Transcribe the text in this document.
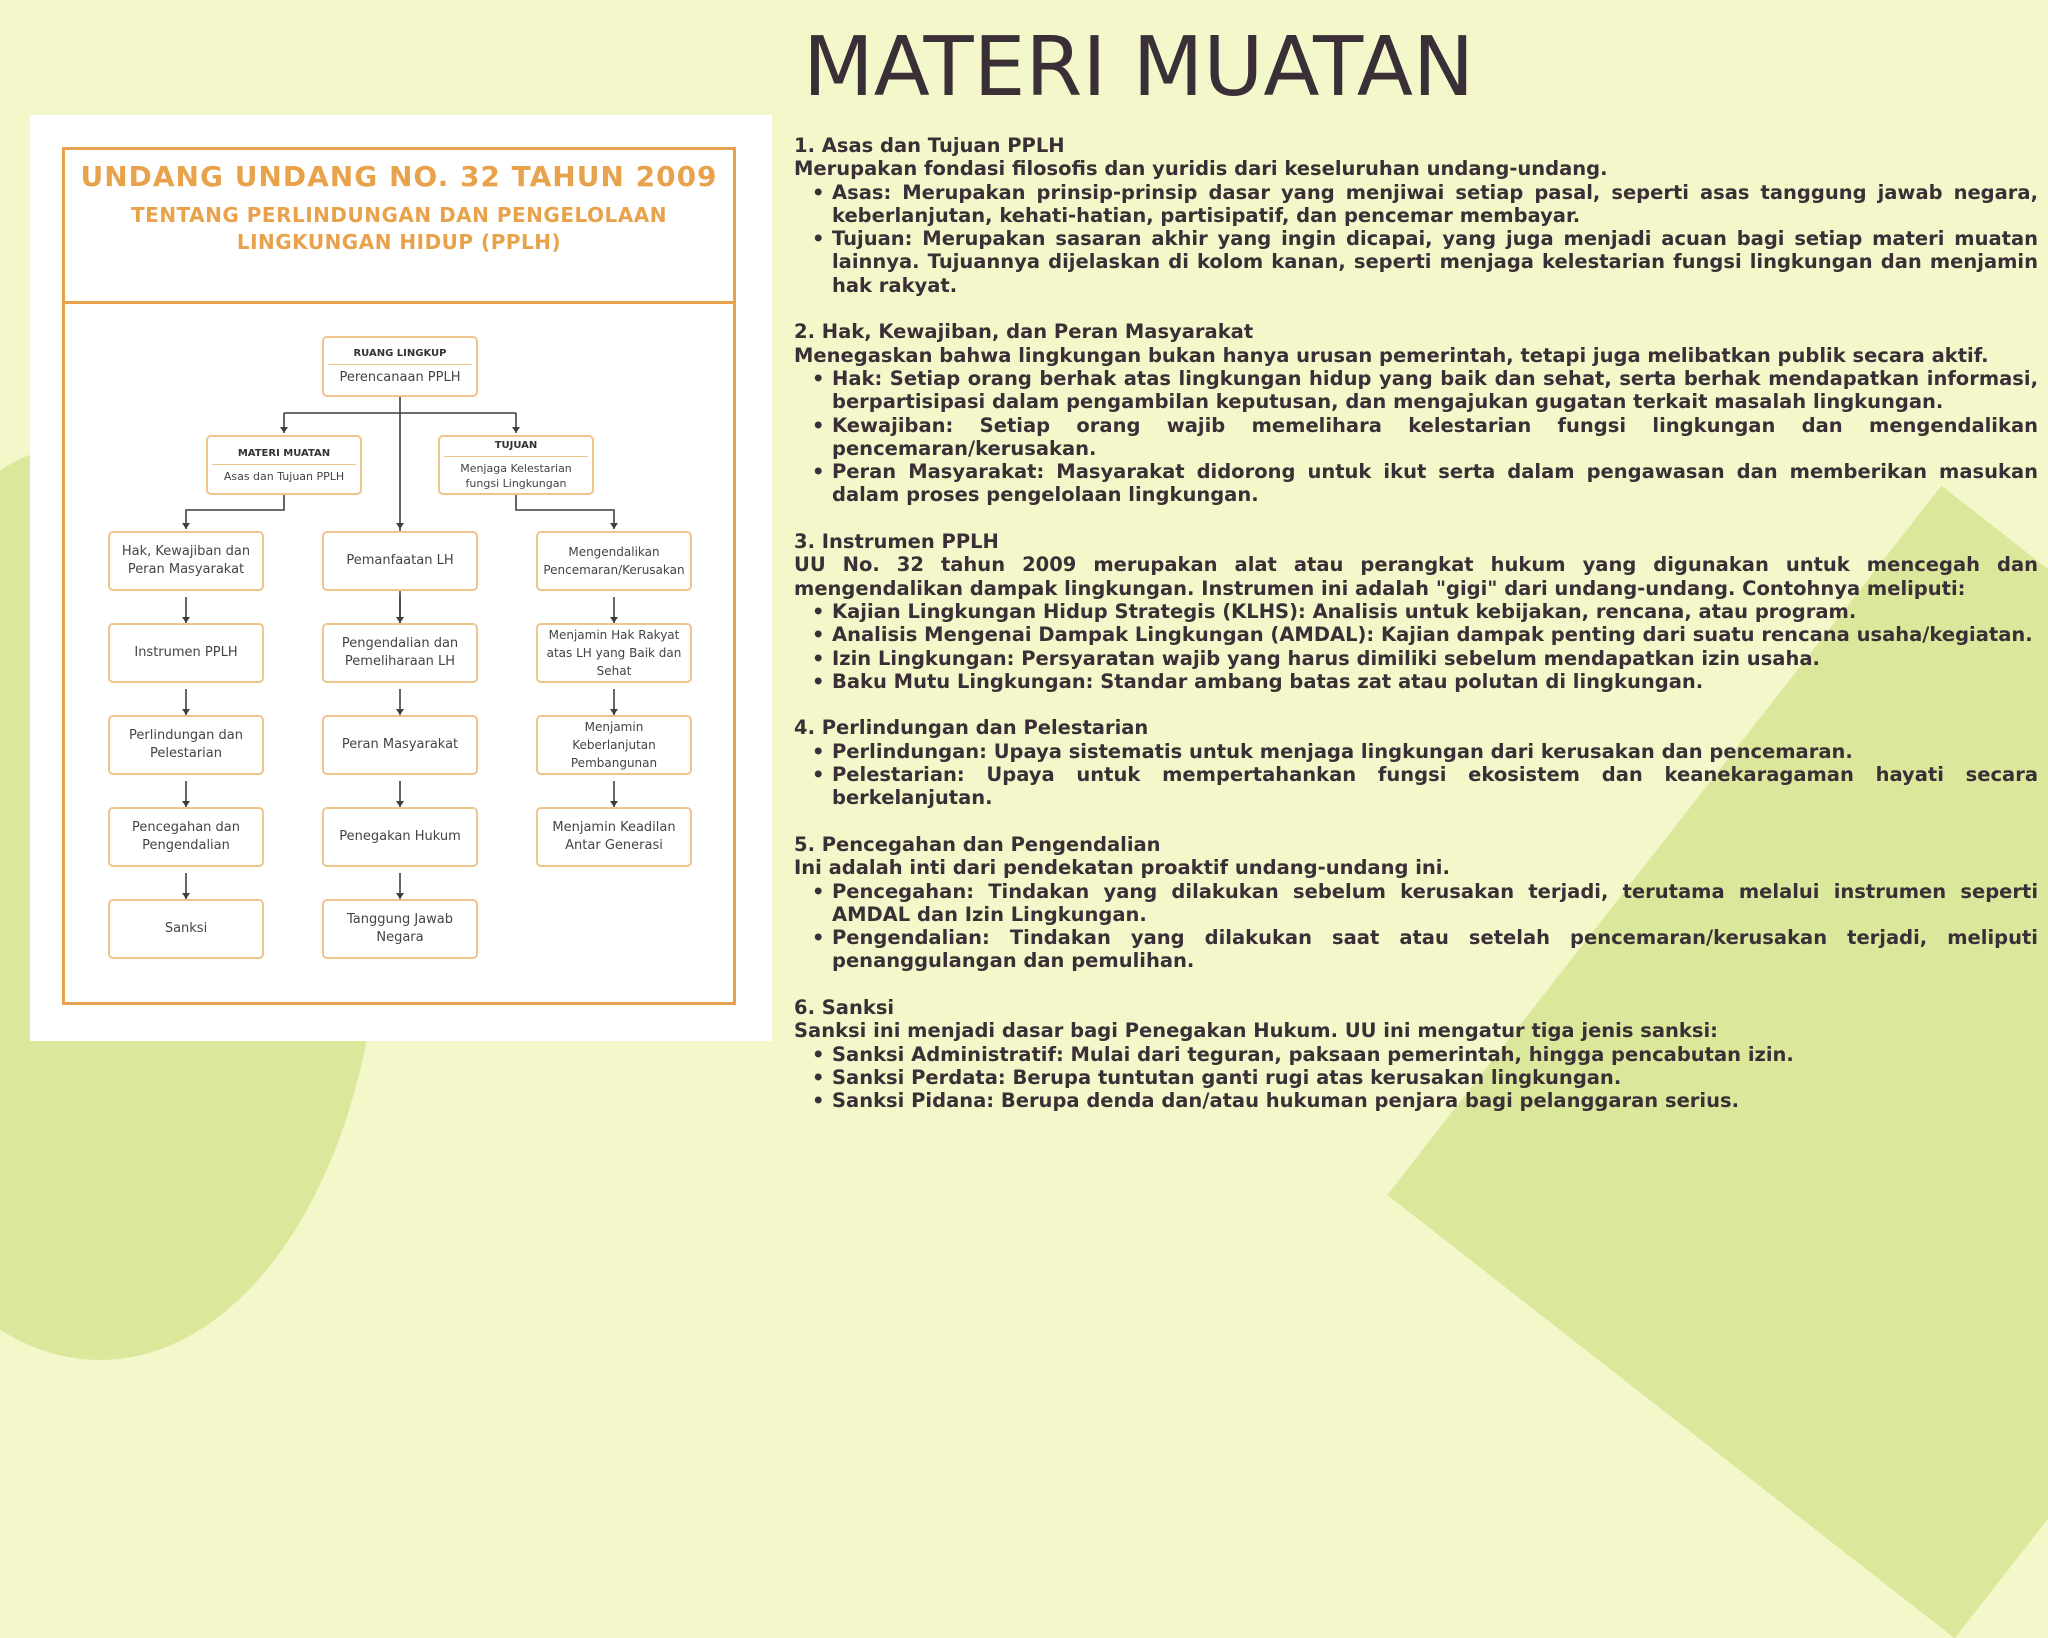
MATERI MUATAN
UNDANG UNDANG NO. 32 TAHUN 2009
TENTANG PERLINDUNGAN DAN PENGELOLAAN LINGKUNGAN HIDUP (PPLH)
RUANG LINGKUP
Perencanaan PPLH
MATERI MUATAN
Asas dan Tujuan PPLH
TUJUAN
Menjaga Kelestarian fungsi Lingkungan
Hak, Kewajiban dan Peran Masyarakat
Instrumen PPLH
Perlindungan dan Pelestarian
Pencegahan dan Pengendalian
Sanksi
Pemanfaatan LH
Pengendalian dan Pemeliharaan LH
Peran Masyarakat
Penegakan Hukum
Tanggung Jawab Negara
Mengendalikan Pencemaran/Kerusakan
Menjamin Hak Rakyat atas LH yang Baik dan Sehat
Menjamin Keberlanjutan Pembangunan
Menjamin Keadilan Antar Generasi
1. Asas dan Tujuan PPLH
Merupakan fondasi filosofis dan yuridis dari keseluruhan undang-undang.
• Asas: Merupakan prinsip-prinsip dasar yang menjiwai setiap pasal, seperti asas tanggung jawab negara, keberlanjutan, kehati-hatian, partisipatif, dan pencemar membayar.
• Tujuan: Merupakan sasaran akhir yang ingin dicapai, yang juga menjadi acuan bagi setiap materi muatan lainnya. Tujuannya dijelaskan di kolom kanan, seperti menjaga kelestarian fungsi lingkungan dan menjamin hak rakyat.
2. Hak, Kewajiban, dan Peran Masyarakat
Menegaskan bahwa lingkungan bukan hanya urusan pemerintah, tetapi juga melibatkan publik secara aktif.
• Hak: Setiap orang berhak atas lingkungan hidup yang baik dan sehat, serta berhak mendapatkan informasi, berpartisipasi dalam pengambilan keputusan, dan mengajukan gugatan terkait masalah lingkungan.
• Kewajiban: Setiap orang wajib memelihara kelestarian fungsi lingkungan dan mengendalikan pencemaran/kerusakan.
• Peran Masyarakat: Masyarakat didorong untuk ikut serta dalam pengawasan dan memberikan masukan dalam proses pengelolaan lingkungan.
3. Instrumen PPLH
UU No. 32 tahun 2009 merupakan alat atau perangkat hukum yang digunakan untuk mencegah dan mengendalikan dampak lingkungan. Instrumen ini adalah "gigi" dari undang-undang. Contohnya meliputi:
• Kajian Lingkungan Hidup Strategis (KLHS): Analisis untuk kebijakan, rencana, atau program.
• Analisis Mengenai Dampak Lingkungan (AMDAL): Kajian dampak penting dari suatu rencana usaha/kegiatan.
• Izin Lingkungan: Persyaratan wajib yang harus dimiliki sebelum mendapatkan izin usaha.
• Baku Mutu Lingkungan: Standar ambang batas zat atau polutan di lingkungan.
4. Perlindungan dan Pelestarian
• Perlindungan: Upaya sistematis untuk menjaga lingkungan dari kerusakan dan pencemaran.
• Pelestarian: Upaya untuk mempertahankan fungsi ekosistem dan keanekaragaman hayati secara berkelanjutan.
5. Pencegahan dan Pengendalian
Ini adalah inti dari pendekatan proaktif undang-undang ini.
• Pencegahan: Tindakan yang dilakukan sebelum kerusakan terjadi, terutama melalui instrumen seperti AMDAL dan Izin Lingkungan.
• Pengendalian: Tindakan yang dilakukan saat atau setelah pencemaran/kerusakan terjadi, meliputi penanggulangan dan pemulihan.
6. Sanksi
Sanksi ini menjadi dasar bagi Penegakan Hukum. UU ini mengatur tiga jenis sanksi:
• Sanksi Administratif: Mulai dari teguran, paksaan pemerintah, hingga pencabutan izin.
• Sanksi Perdata: Berupa tuntutan ganti rugi atas kerusakan lingkungan.
• Sanksi Pidana: Berupa denda dan/atau hukuman penjara bagi pelanggaran serius.
